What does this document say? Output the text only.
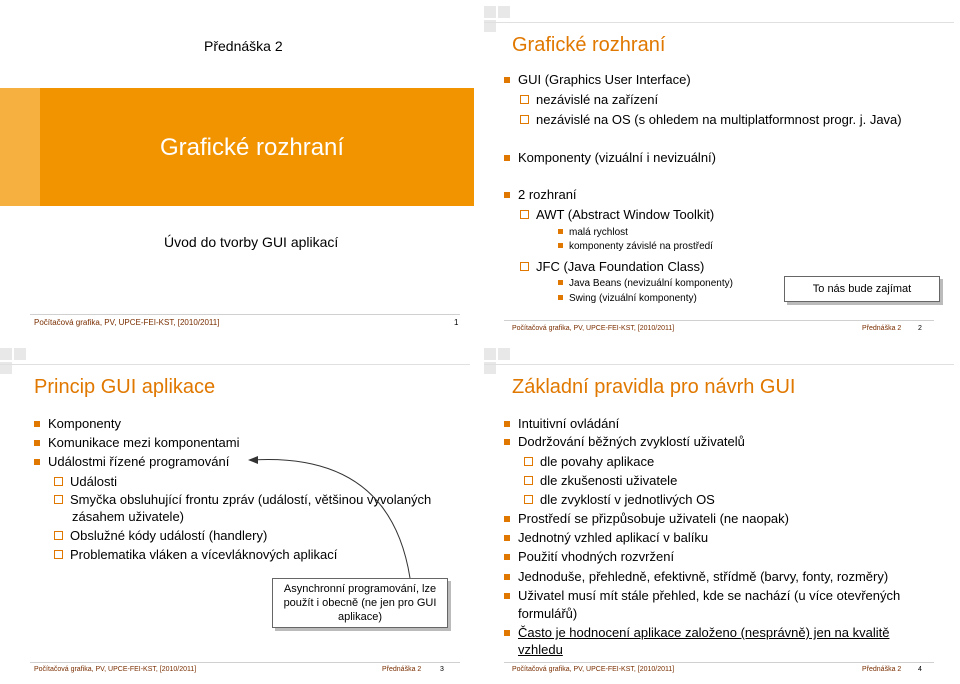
Přednáška 2
Grafické rozhraní
Úvod do tvorby GUI aplikací
Počítačová grafika, PV, UPCE-FEI-KST, [2010/2011]	1
Grafické rozhraní
GUI (Graphics User Interface)
nezávislé na zařízení
nezávislé na OS (s ohledem na multiplatformnost progr. j. Java)
Komponenty (vizuální i nevizuální)
2 rozhraní
AWT (Abstract Window Toolkit)
malá rychlost
komponenty závislé na prostředí
JFC (Java Foundation Class)
Java Beans (nevizuální komponenty)
Swing (vizuální komponenty)
To nás bude zajímat
Počítačová grafika, PV, UPCE-FEI-KST, [2010/2011]	Přednáška 2 2
Princip GUI aplikace
Komponenty
Komunikace mezi komponentami
Událostmi řízené programování
Události
Smyčka obsluhující frontu zpráv (událostí, většinou vyvolaných
zásahem uživatele)
Obslužné kódy událostí (handlery)
Problematika vláken a vícevláknových aplikací
Asynchronní programování, lze
použít i obecně (ne jen pro GUI
aplikace)
Počítačová grafika, PV, UPCE-FEI-KST, [2010/2011]	Přednáška 2	3
Základní pravidla pro návrh GUI
Intuitivní ovládání
Dodržování běžných zvyklostí uživatelů
dle povahy aplikace
dle zkušenosti uživatele
dle zvyklostí v jednotlivých OS
Prostředí se přizpůsobuje uživateli (ne naopak)
Jednotný vzhled aplikací v balíku
Použití vhodných rozvržení
Jednoduše, přehledně, efektivně, střídmě (barvy, fonty, rozměry)
Uživatel musí mít stále přehled, kde se nachází (u více otevřených
formulářů)
Často je hodnocení aplikace založeno (nesprávně) jen na kvalitě
vzhledu
Počítačová grafika, PV, UPCE-FEI-KST, [2010/2011]	Přednáška 2 4
